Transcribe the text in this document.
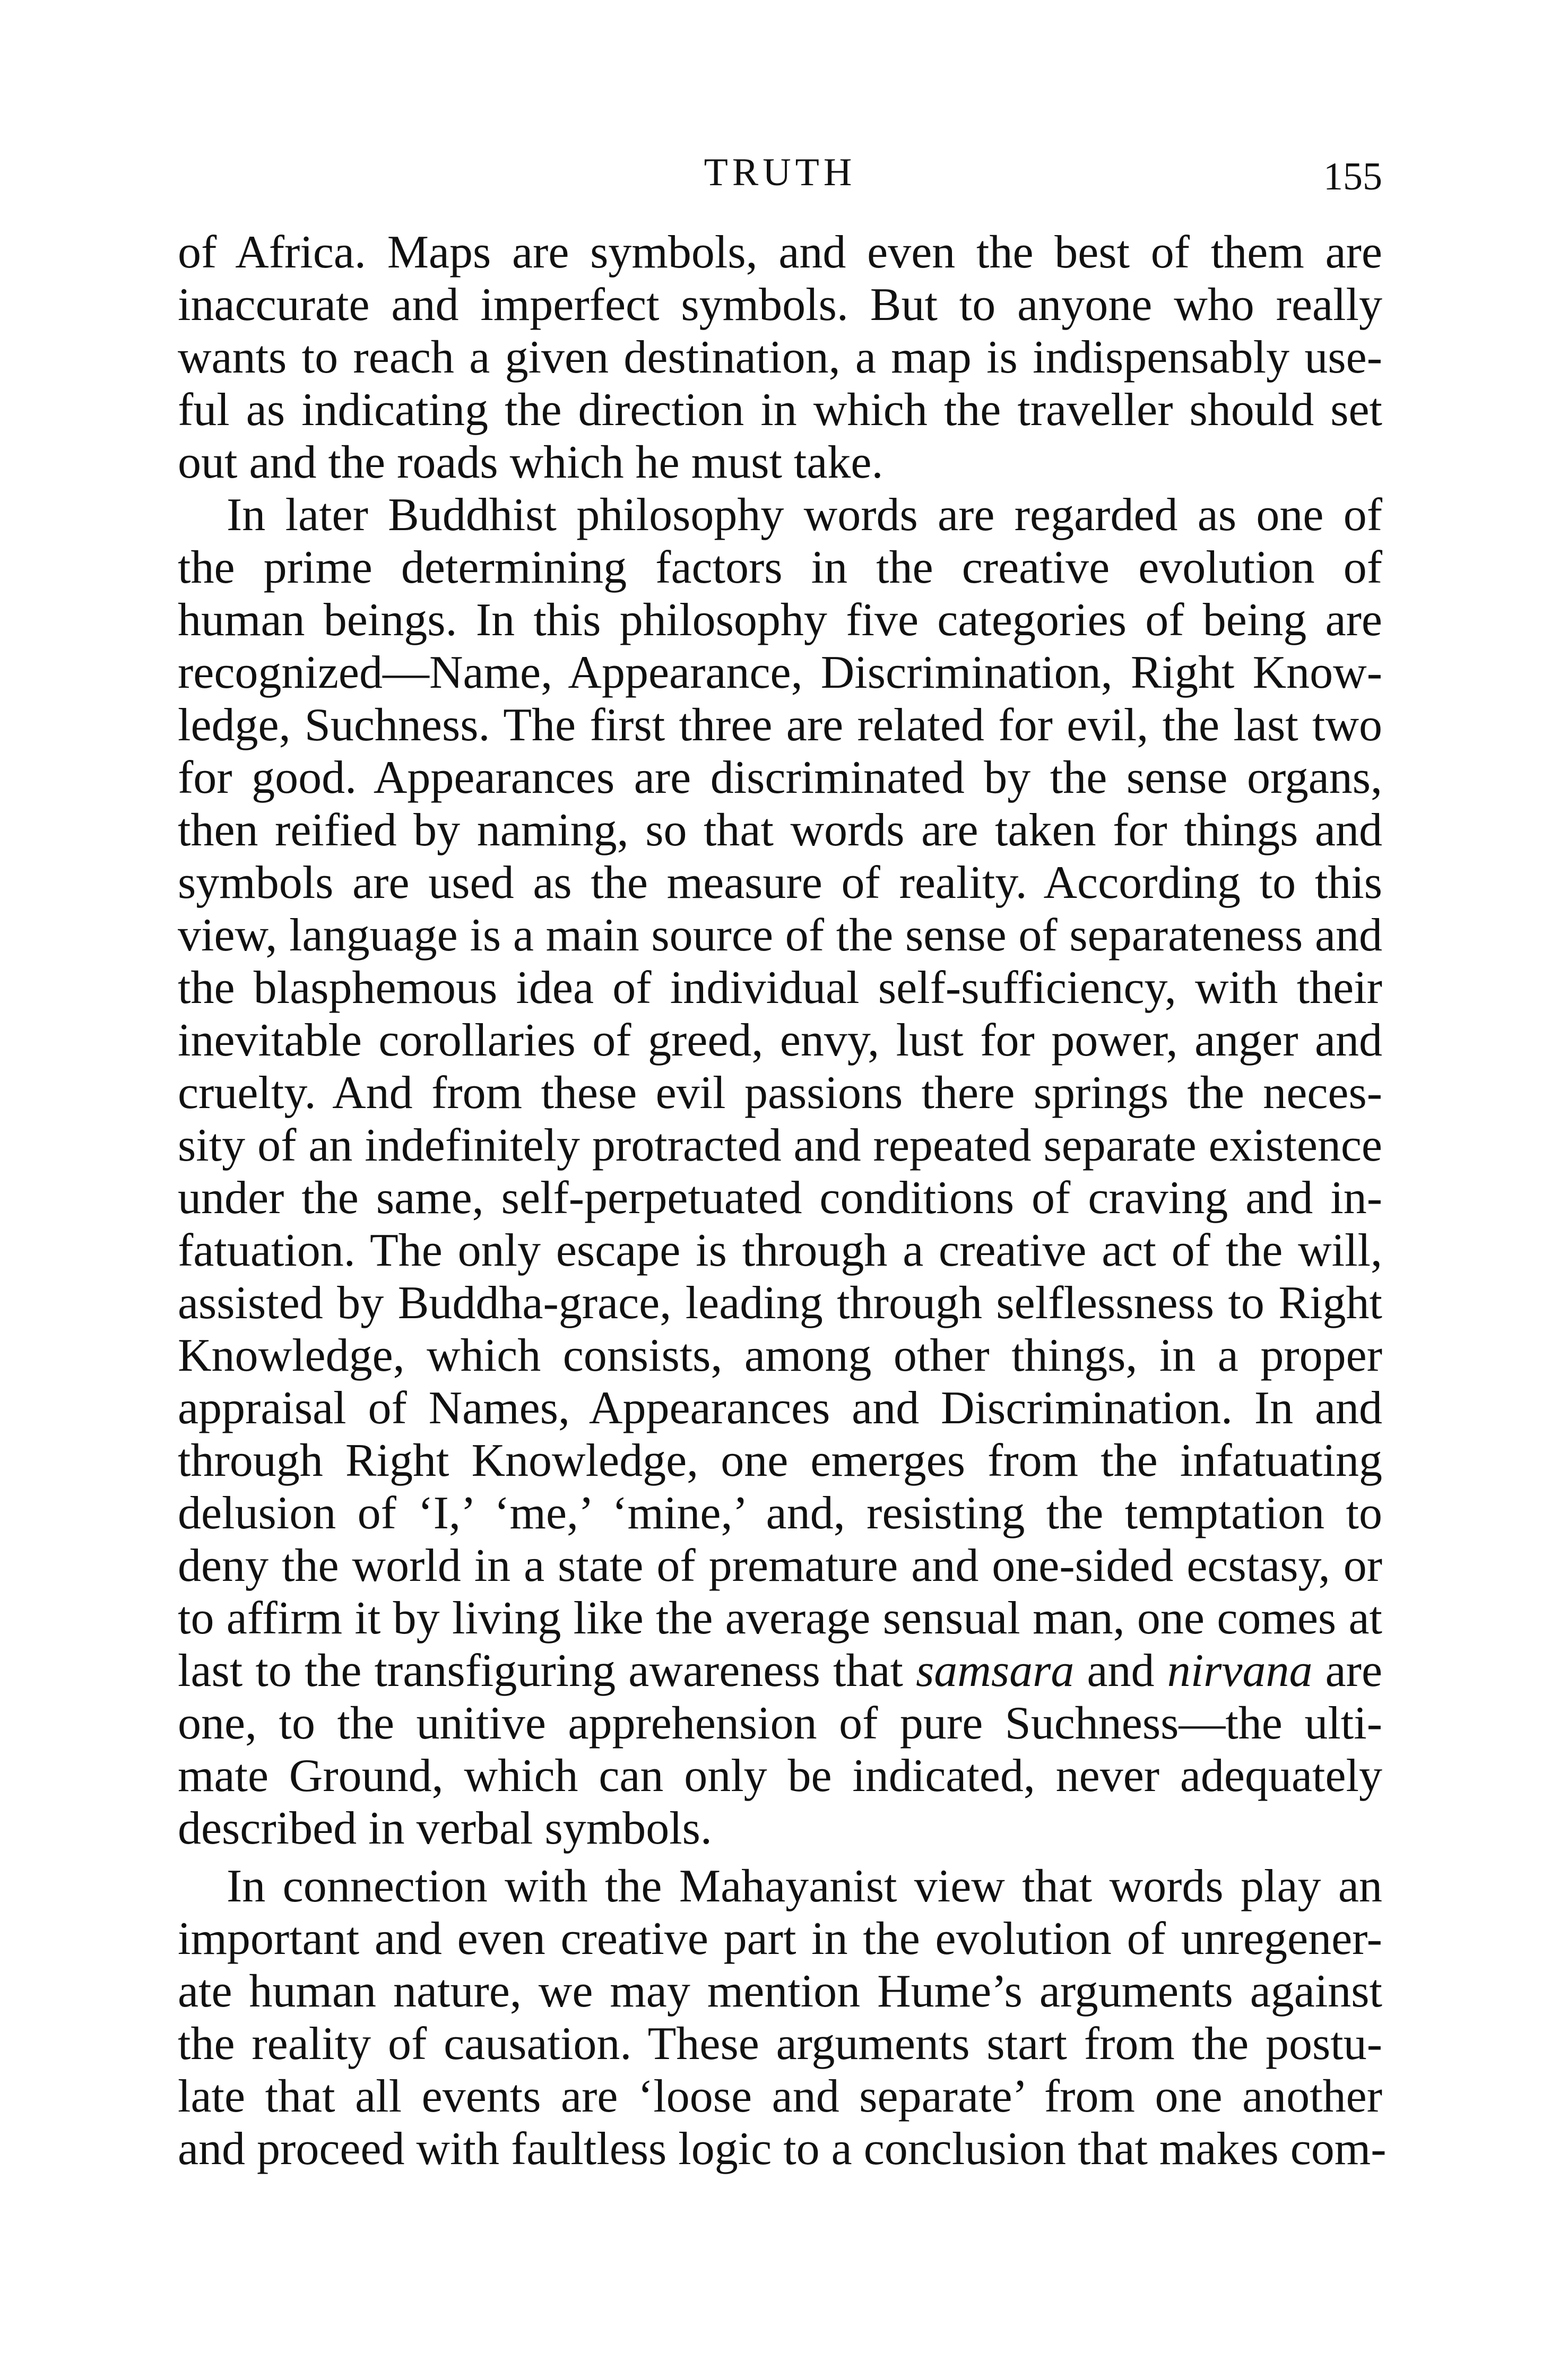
TRUTH	155
of Africa. Maps are symbols, and even the best of them are
inaccurate and imperfect symbols. But to anyone who really
wants to reach a given destination, a map is indispensably use-
ful as indicating the direction in which the traveller should set
out and the roads which he must take.
In later Buddhist philosophy words are regarded as one of
the prime determining factors in the creative evolution of
human beings. In this philosophy five categories of being are
recognized—Name, Appearance, Discrimination, Right Know-
ledge, Suchness. The first three are related for evil, the last two
for good. Appearances are discriminated by the sense organs,
then reified by naming, so that words are taken for things and
symbols are used as the measure of reality. According to this
view, language is a main source of the sense of separateness and
the blasphemous idea of individual self-sufficiency, with their
inevitable corollaries of greed, envy, lust for power, anger and
cruelty. And from these evil passions there springs the neces-
sity of an indefinitely protracted and repeated separate existence
under the same, self-perpetuated conditions of craving and in-
fatuation. The only escape is through a creative act of the will,
assisted by Buddha-grace, leading through selflessness to Right
Knowledge, which consists, among other things, in a proper
appraisal of Names, Appearances and Discrimination. In and
through Right Knowledge, one emerges from the infatuating
delusion of ‘I,’ ‘me,’ ‘mine,’ and, resisting the temptation to
deny the world in a state of premature and one-sided ecstasy, or
to affirm it by living like the average sensual man, one comes at
last to the transfiguring awareness that samsara and nirvana are
one, to the unitive apprehension of pure Suchness—the ulti-
mate Ground, which can only be indicated, never adequately
described in verbal symbols.
In connection with the Mahayanist view that words play an
important and even creative part in the evolution of unregener-
ate human nature, we may mention Hume’s arguments against
the reality of causation. These arguments start from the postu-
late that all events are ‘loose and separate’ from one another
and proceed with faultless logic to a conclusion that makes com-
